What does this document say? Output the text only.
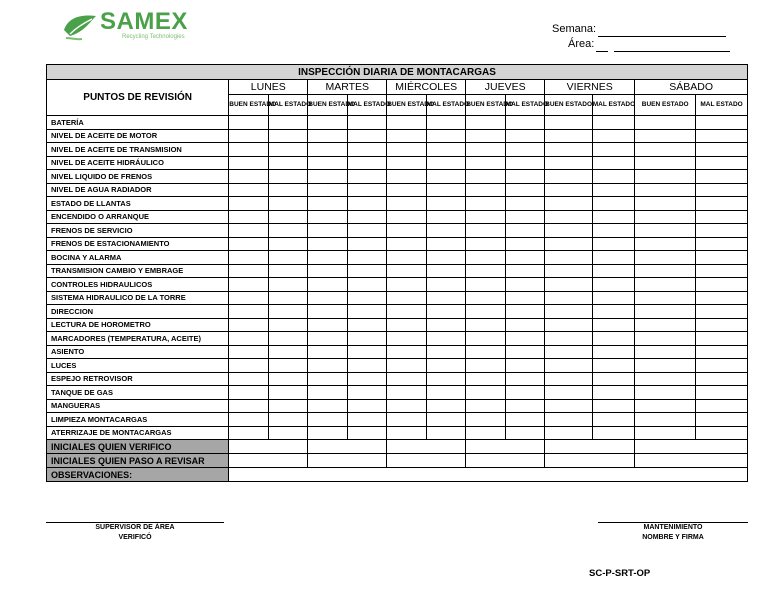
SAMEX
Recycling Technologies
Semana:
Área:
INSPECCIÓN DIARIA DE MONTACARGAS												
PUNTOS DE REVISIÓN	LUNES		MARTES		MIÉRCOLES		JUEVES		VIERNES		SÁBADO	
	BUEN ESTADO	MAL ESTADO	BUEN ESTADO	MAL ESTADO	BUEN ESTADO	MAL ESTADO	BUEN ESTADO	MAL ESTADO	BUEN ESTADO	MAL ESTADO	BUEN ESTADO	MAL ESTADO
BATERÍA												
NIVEL DE ACEITE DE MOTOR												
NIVEL DE ACEITE DE TRANSMISION												
NIVEL DE ACEITE HIDRÁULICO												
NIVEL LIQUIDO DE FRENOS												
NIVEL DE AGUA RADIADOR												
ESTADO DE LLANTAS												
ENCENDIDO O ARRANQUE												
FRENOS DE SERVICIO												
FRENOS DE ESTACIONAMIENTO												
BOCINA Y ALARMA												
TRANSMISION CAMBIO Y EMBRAGE												
CONTROLES HIDRAULICOS												
SISTEMA HIDRAULICO DE LA TORRE												
DIRECCION												
LECTURA DE HOROMETRO												
MARCADORES (TEMPERATURA, ACEITE)												
ASIENTO												
LUCES												
ESPEJO RETROVISOR												
TANQUE DE GAS												
MANGUERAS												
LIMPIEZA MONTACARGAS												
ATERRIZAJE DE MONTACARGAS												
INICIALES QUIEN VERIFICO												
INICIALES QUIEN PASO A REVISAR												
OBSERVACIONES:												
SUPERVISOR DE ÁREA
VERIFICÓ
MANTENIMIENTO
NOMBRE Y FIRMA
SC-P-SRT-OP
